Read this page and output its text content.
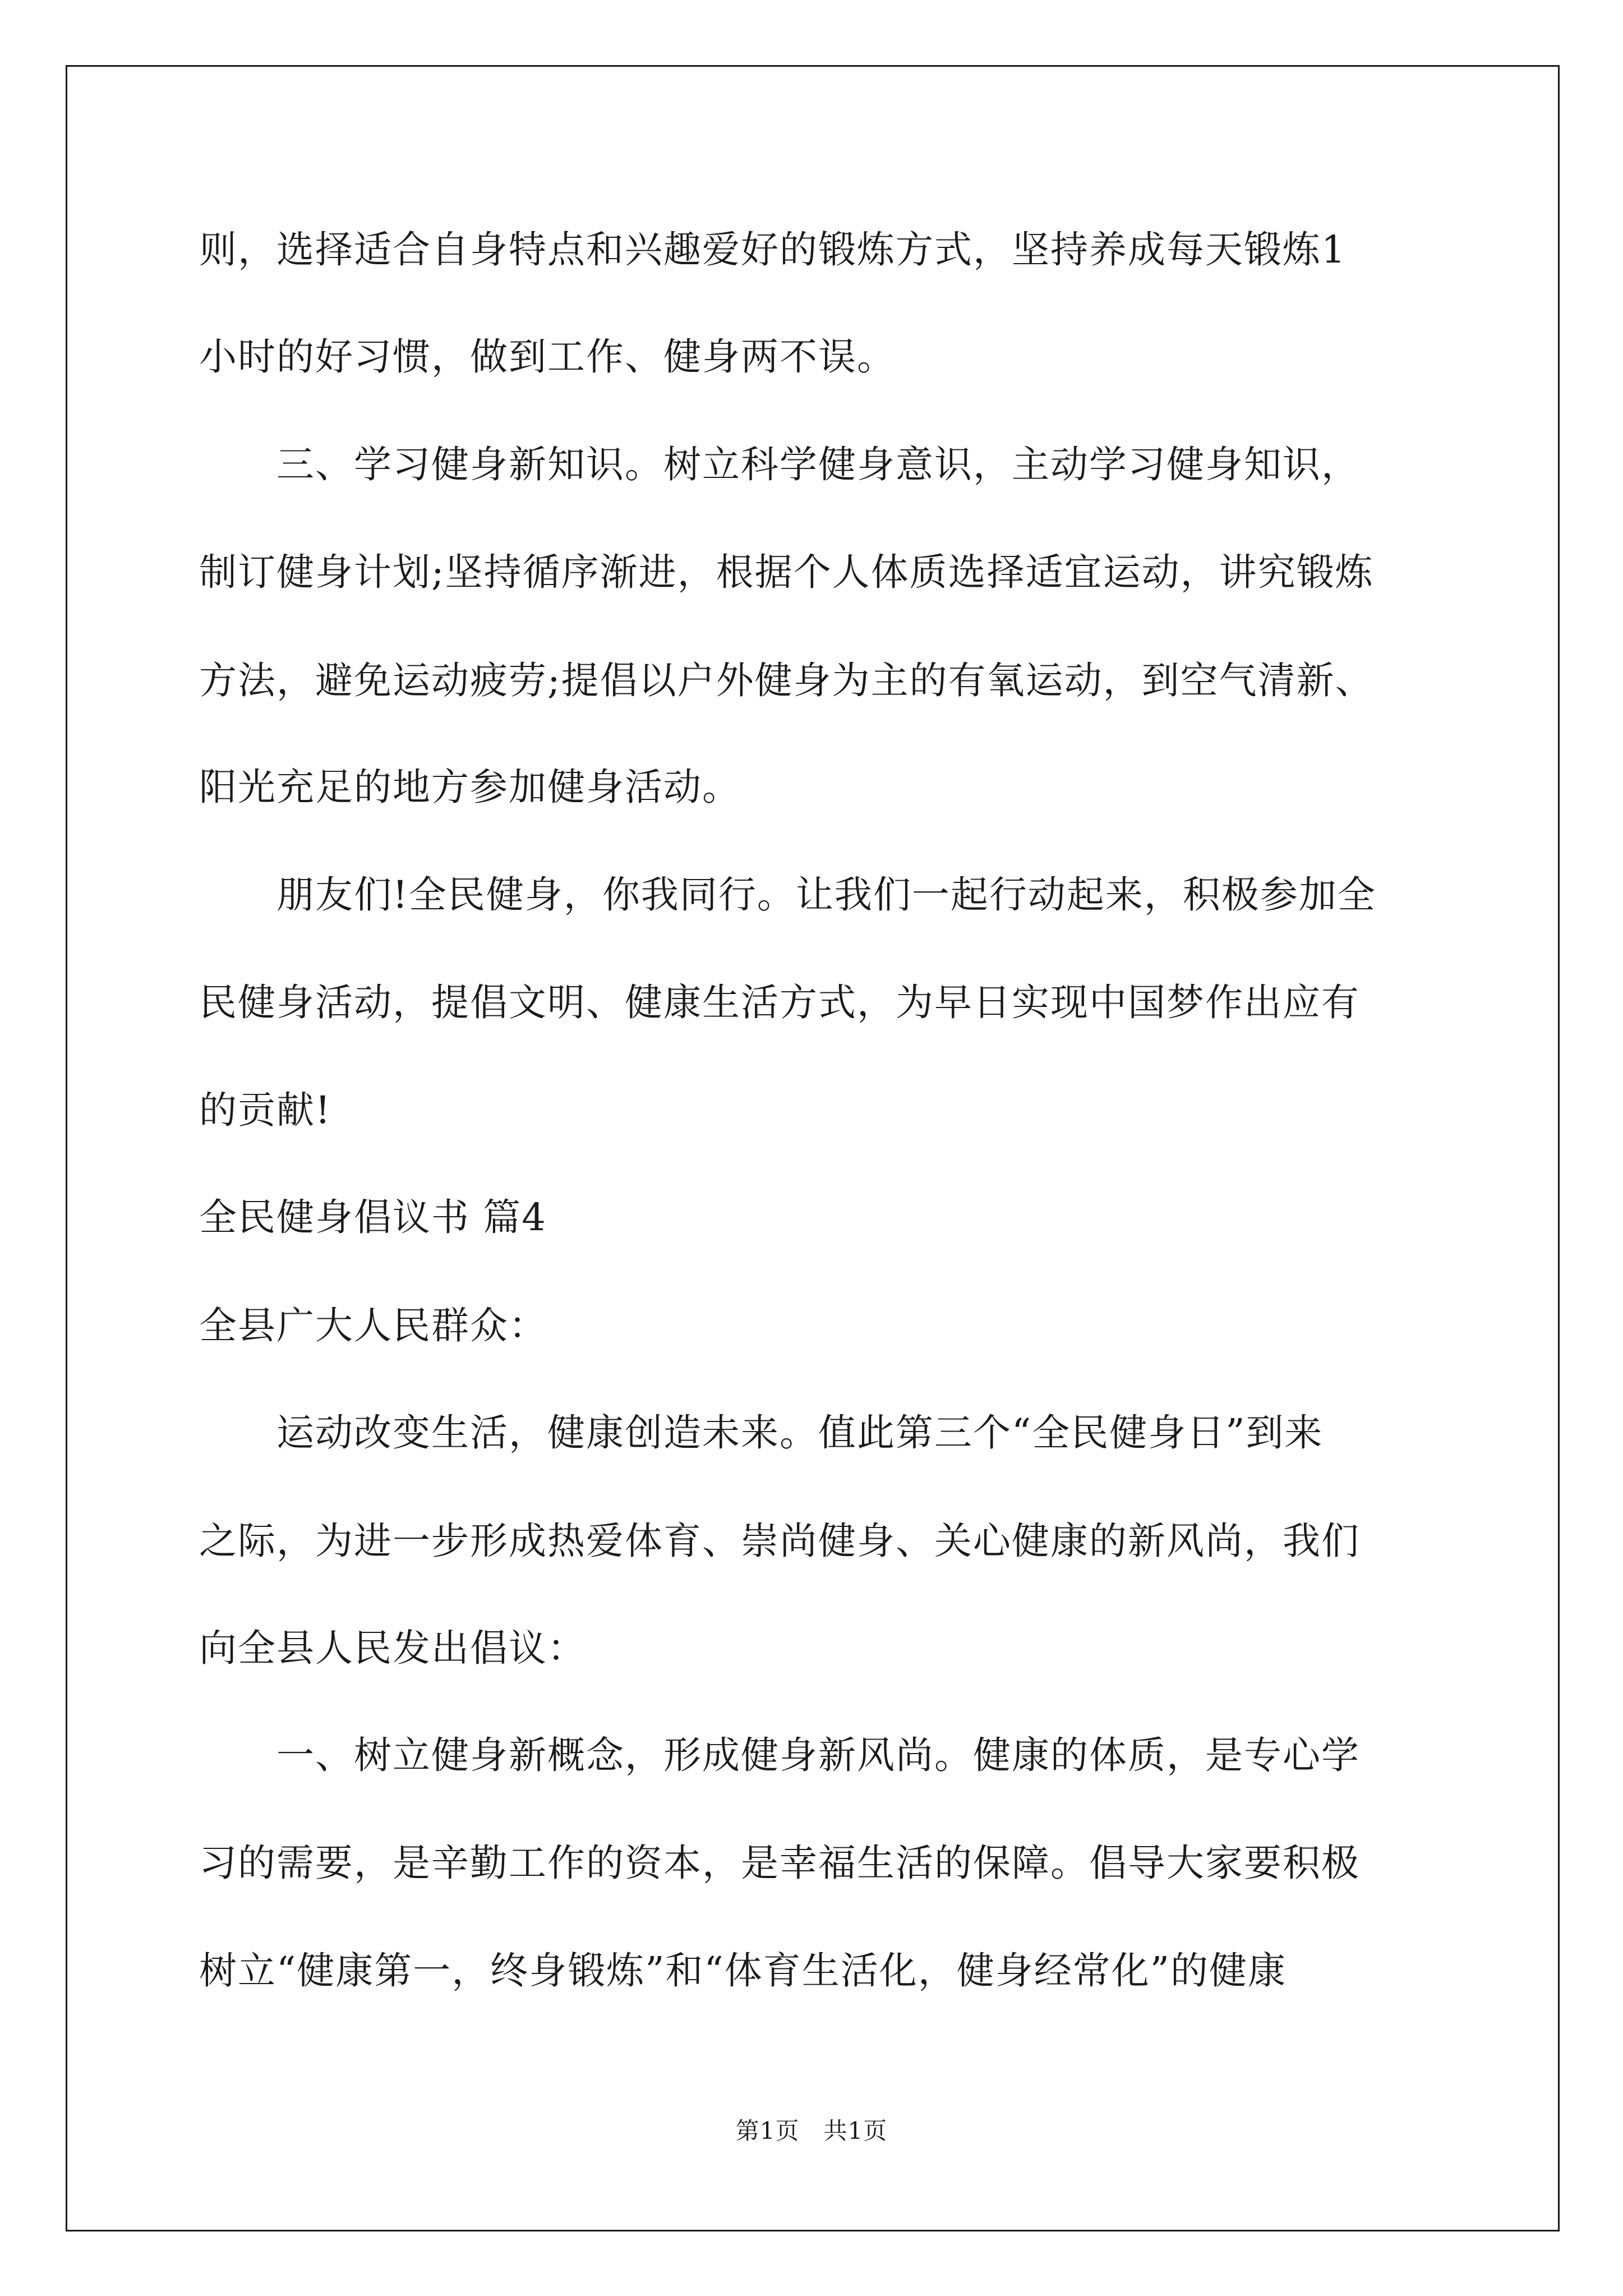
则，选择适合自身特点和兴趣爱好的锻炼方式，坚持养成每天锻炼1

小时的好习惯，做到工作、健身两不误。

　　三、学习健身新知识。树立科学健身意识，主动学习健身知识，

制订健身计划;坚持循序渐进，根据个人体质选择适宜运动，讲究锻炼

方法，避免运动疲劳;提倡以户外健身为主的有氧运动，到空气清新、

阳光充足的地方参加健身活动。

　　朋友们!全民健身，你我同行。让我们一起行动起来，积极参加全

民健身活动，提倡文明、健康生活方式，为早日实现中国梦作出应有

的贡献!

全民健身倡议书 篇4

全县广大人民群众：

　　运动改变生活，健康创造未来。值此第三个“全民健身日”到来

之际，为进一步形成热爱体育、崇尚健身、关心健康的新风尚，我们

向全县人民发出倡议：

　　一、树立健身新概念，形成健身新风尚。健康的体质，是专心学

习的需要，是辛勤工作的资本，是幸福生活的保障。倡导大家要积极

树立“健康第一，终身锻炼”和“体育生活化，健身经常化”的健康

第1页　共1页
